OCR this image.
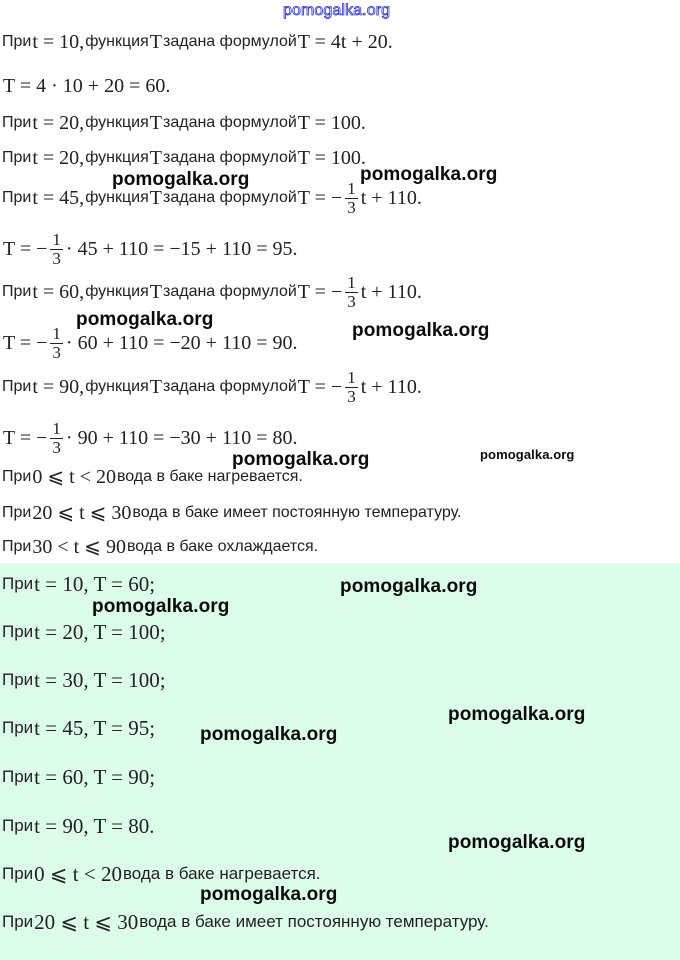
При t = 10, функция T задана формулой T = 4t + 20.
T = 4 · 10 + 20 = 60.
При t = 20, функция T задана формулой T = 100.
При t = 20, функция T задана формулой T = 100.
При t = 45, функция T задана формулой T = − $\frac{1}{3}$ t + 110.
T = − $\frac{1}{3} \cdot 45 + 110 = -15 + 110 = 95$.
При t = 60, функция T задана формулой T = − $\frac{1}{3}$ t + 110.
T = − $\frac{1}{3} \cdot 60 + 110 = -20 + 110 = 90$.
При t = 90, функция T задана формулой T = − $\frac{1}{3}$ t + 110.
T = − $\frac{1}{3} \cdot 90 + 110 = -30 + 110 = 80$.
При 0 ⩽ t < 20 вода в баке нагревается.
При 20 ⩽ t ⩽ 30 вода в баке имеет постоянную температуру.
При 30 < t ⩽ 90 вода в баке охлаждается.
При t = 10, T = 60;
При t = 20, T = 100;
При t = 30, T = 100;
При t = 45, T = 95;
При t = 60, T = 90;
При t = 90, T = 80.
При 0 ⩽ t < 20 вода в баке нагревается.
При 20 ⩽ t ⩽ 30 вода в баке имеет постоянную температуру.
pomogalka.org
pomogalka.org	pomogalka.org
pomogalka.org
pomogalka.org
pomogalka.org	pomogalka.org
pomogalka.org
pomogalka.org
pomogalka.org
pomogalka.org
pomogalka.org
pomogalka.org
